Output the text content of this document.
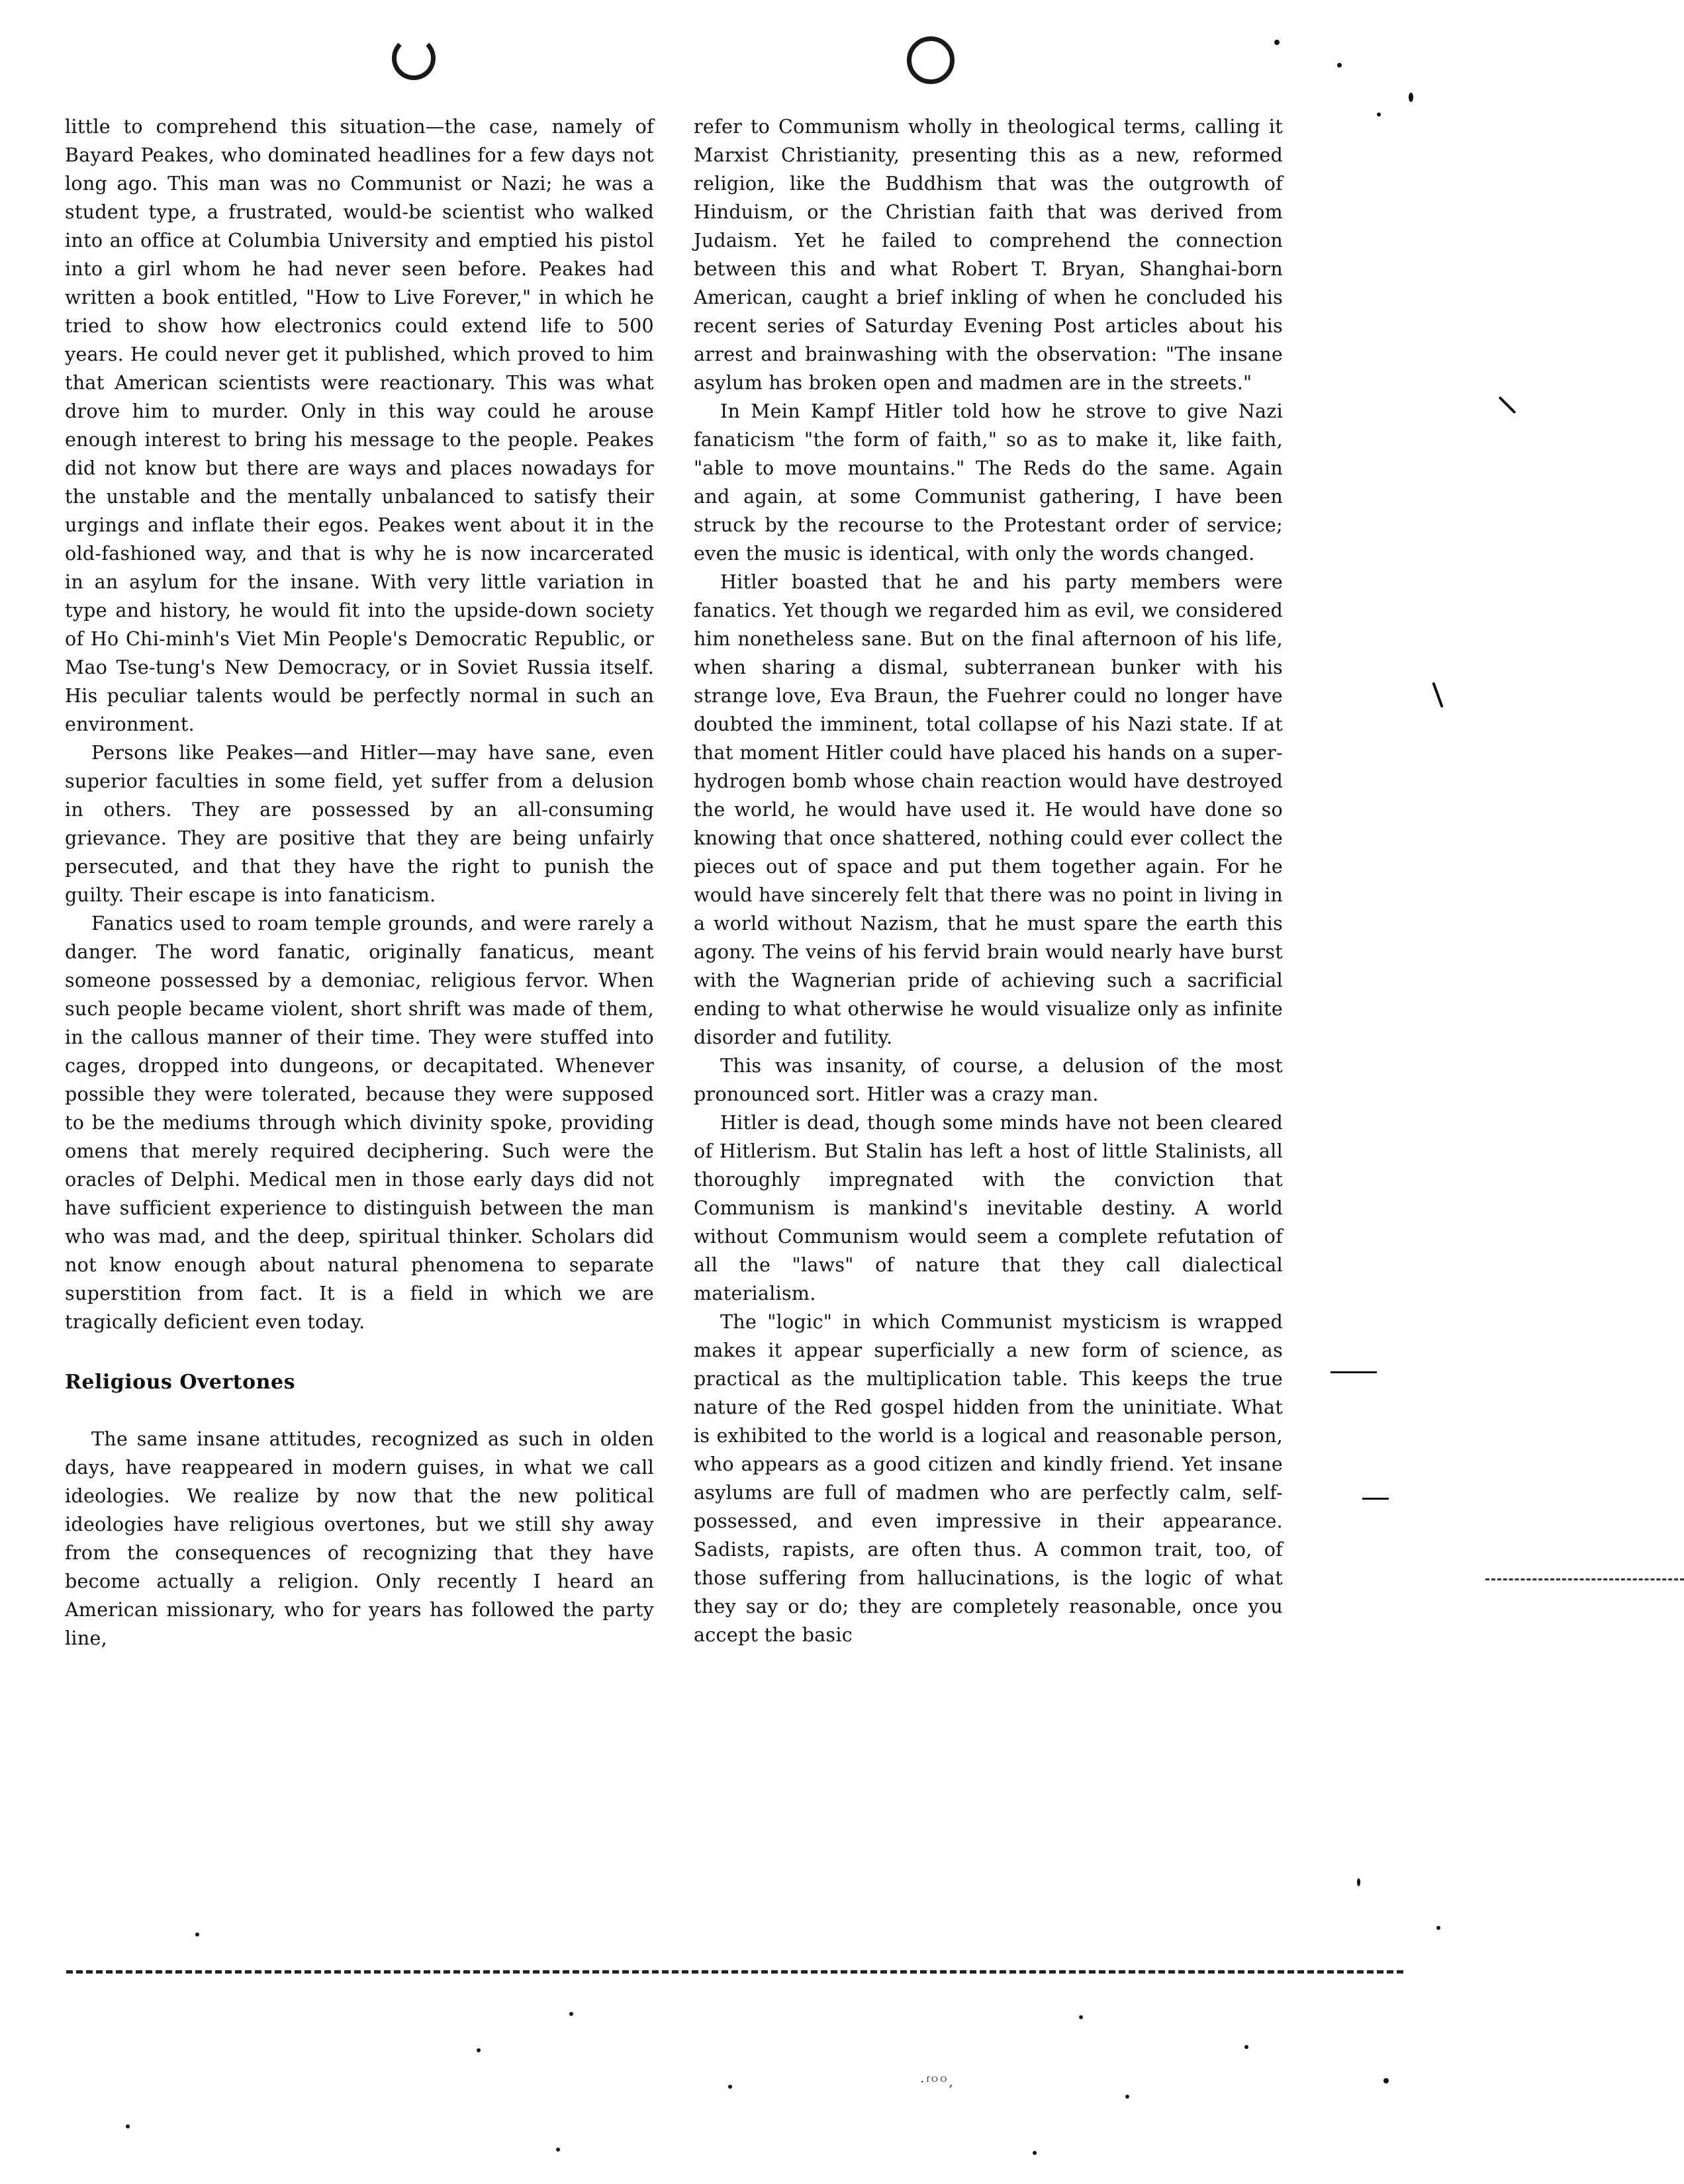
little to comprehend this situation—the case, namely of Bayard Peakes, who dominated headlines for a few days not long ago. This man was no Communist or Nazi; he was a student type, a frustrated, would-be scientist who walked into an office at Columbia University and emptied his pistol into a girl whom he had never seen before. Peakes had written a book entitled, "How to Live Forever," in which he tried to show how electronics could extend life to 500 years. He could never get it published, which proved to him that American scientists were reactionary. This was what drove him to murder. Only in this way could he arouse enough interest to bring his message to the people. Peakes did not know but there are ways and places nowadays for the unstable and the mentally unbalanced to satisfy their urgings and inflate their egos. Peakes went about it in the old-fashioned way, and that is why he is now incarcerated in an asylum for the insane. With very little variation in type and history, he would fit into the upside-down society of Ho Chi-minh's Viet Min People's Democratic Republic, or Mao Tse-tung's New Democracy, or in Soviet Russia itself. His peculiar talents would be perfectly normal in such an environment.

Persons like Peakes—and Hitler—may have sane, even superior faculties in some field, yet suffer from a delusion in others. They are possessed by an all-consuming grievance. They are positive that they are being unfairly persecuted, and that they have the right to punish the guilty. Their escape is into fanaticism.

Fanatics used to roam temple grounds, and were rarely a danger. The word fanatic, originally fanaticus, meant someone possessed by a demoniac, religious fervor. When such people became violent, short shrift was made of them, in the callous manner of their time. They were stuffed into cages, dropped into dungeons, or decapitated. Whenever possible they were tolerated, because they were supposed to be the mediums through which divinity spoke, providing omens that merely required deciphering. Such were the oracles of Delphi. Medical men in those early days did not have sufficient experience to distinguish between the man who was mad, and the deep, spiritual thinker. Scholars did not know enough about natural phenomena to separate superstition from fact. It is a field in which we are tragically deficient even today.

Religious Overtones

The same insane attitudes, recognized as such in olden days, have reappeared in modern guises, in what we call ideologies. We realize by now that the new political ideologies have religious overtones, but we still shy away from the consequences of recognizing that they have become actually a religion. Only recently I heard an American missionary, who for years has followed the party line,

refer to Communism wholly in theological terms, calling it Marxist Christianity, presenting this as a new, reformed religion, like the Buddhism that was the outgrowth of Hinduism, or the Christian faith that was derived from Judaism. Yet he failed to comprehend the connection between this and what Robert T. Bryan, Shanghai-born American, caught a brief inkling of when he concluded his recent series of Saturday Evening Post articles about his arrest and brainwashing with the observation: "The insane asylum has broken open and madmen are in the streets."

In Mein Kampf Hitler told how he strove to give Nazi fanaticism "the form of faith," so as to make it, like faith, "able to move mountains." The Reds do the same. Again and again, at some Communist gathering, I have been struck by the recourse to the Protestant order of service; even the music is identical, with only the words changed.

Hitler boasted that he and his party members were fanatics. Yet though we regarded him as evil, we considered him nonetheless sane. But on the final afternoon of his life, when sharing a dismal, subterranean bunker with his strange love, Eva Braun, the Fuehrer could no longer have doubted the imminent, total collapse of his Nazi state. If at that moment Hitler could have placed his hands on a super-hydrogen bomb whose chain reaction would have destroyed the world, he would have used it. He would have done so knowing that once shattered, nothing could ever collect the pieces out of space and put them together again. For he would have sincerely felt that there was no point in living in a world without Nazism, that he must spare the earth this agony. The veins of his fervid brain would nearly have burst with the Wagnerian pride of achieving such a sacrificial ending to what otherwise he would visualize only as infinite disorder and futility.

This was insanity, of course, a delusion of the most pronounced sort. Hitler was a crazy man.

Hitler is dead, though some minds have not been cleared of Hitlerism. But Stalin has left a host of little Stalinists, all thoroughly impregnated with the conviction that Communism is mankind's inevitable destiny. A world without Communism would seem a complete refutation of all the "laws" of nature that they call dialectical materialism.

The "logic" in which Communist mysticism is wrapped makes it appear superficially a new form of science, as practical as the multiplication table. This keeps the true nature of the Red gospel hidden from the uninitiate. What is exhibited to the world is a logical and reasonable person, who appears as a good citizen and kindly friend. Yet insane asylums are full of madmen who are perfectly calm, self-possessed, and even impressive in their appearance. Sadists, rapists, are often thus. A common trait, too, of those suffering from hallucinations, is the logic of what they say or do; they are completely reasonable, once you accept the basic

·ᶠᴼᴼ,
